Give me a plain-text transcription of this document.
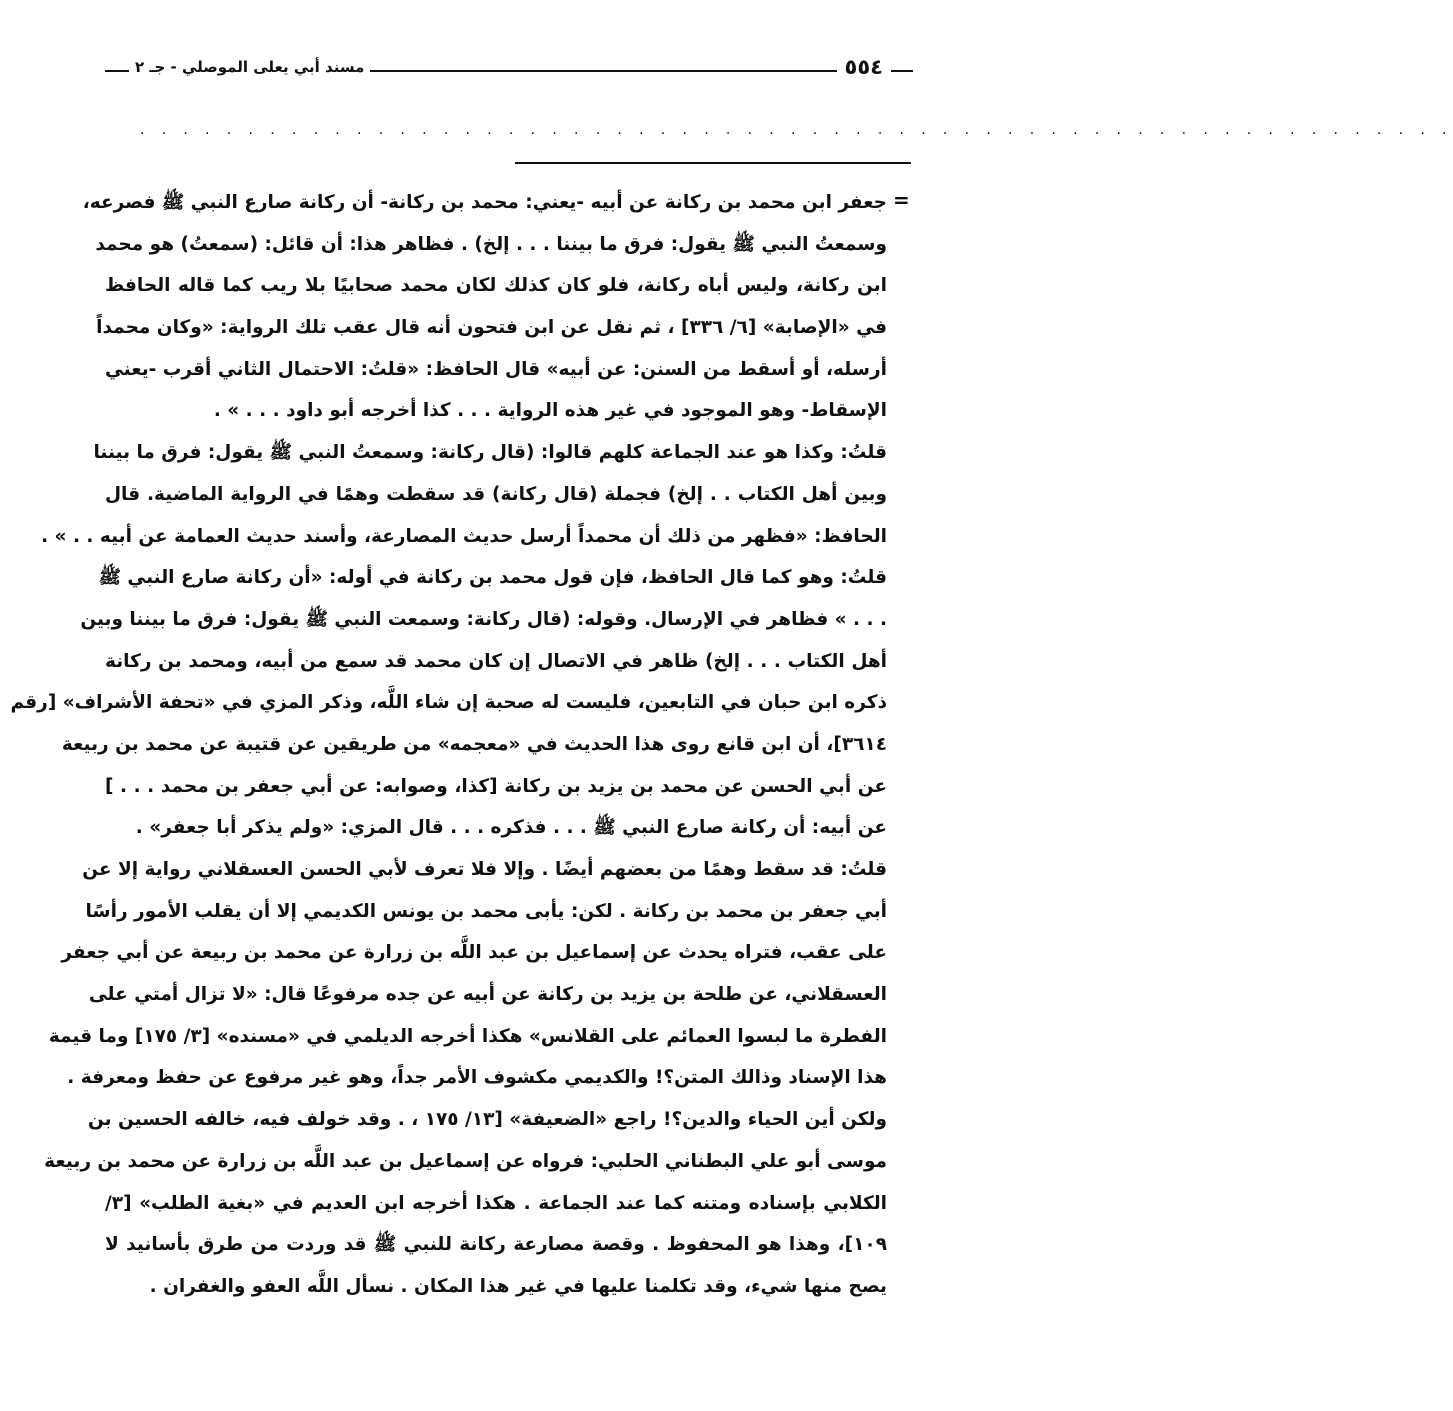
٥٥٤
مسند أبي يعلى الموصلي - جـ ٢
. . . . . . . . . . . . . . . . . . . . . . . . . . . . . . . . . . . . . . . . . . . . . . . . . . . . . . . . . . . . .
=
جعفر ابن محمد بن ركانة عن أبيه -يعني: محمد بن ركانة- أن ركانة صارع النبي ﷺ فصرعه،
وسمعتُ النبي ﷺ يقول: فرق ما بيننا . . . إلخ) . فظاهر هذا: أن قائل: (سمعتُ) هو محمد
ابن ركانة، وليس أباه ركانة، فلو كان كذلك لكان محمد صحابيًا بلا ريب كما قاله الحافظ
في «الإصابة» [٦/ ٣٣٦] ، ثم نقل عن ابن فتحون أنه قال عقب تلك الرواية: «وكان محمداً
أرسله، أو أسقط من السنن: عن أبيه» قال الحافظ: «قلتُ: الاحتمال الثاني أقرب -يعني
الإسقاط- وهو الموجود في غير هذه الرواية . . . كذا أخرجه أبو داود . . . » .
قلتُ: وكذا هو عند الجماعة كلهم قالوا: (قال ركانة: وسمعتُ النبي ﷺ يقول: فرق ما بيننا
وبين أهل الكتاب . . إلخ) فجملة (قال ركانة) قد سقطت وهمًا في الرواية الماضية. قال
الحافظ: «فظهر من ذلك أن محمداً أرسل حديث المصارعة، وأسند حديث العمامة عن أبيه . . » .
قلتُ: وهو كما قال الحافظ، فإن قول محمد بن ركانة في أوله: «أن ركانة صارع النبي ﷺ
. . . » فظاهر في الإرسال. وقوله: (قال ركانة: وسمعت النبي ﷺ يقول: فرق ما بيننا وبين
أهل الكتاب . . . إلخ) ظاهر في الاتصال إن كان محمد قد سمع من أبيه، ومحمد بن ركانة
ذكره ابن حبان في التابعين، فليست له صحبة إن شاء اللَّه، وذكر المزي في «تحفة الأشراف» [رقم
٣٦١٤]، أن ابن قانع روى هذا الحديث في «معجمه» من طريقين عن قتيبة عن محمد بن ربيعة
عن أبي الحسن عن محمد بن يزيد بن ركانة [كذا، وصوابه: عن أبي جعفر بن محمد . . . ]
عن أبيه: أن ركانة صارع النبي ﷺ . . . فذكره . . . قال المزي: «ولم يذكر أبا جعفر» .
قلتُ: قد سقط وهمًا من بعضهم أيضًا . وإلا فلا تعرف لأبي الحسن العسقلاني رواية إلا عن
أبي جعفر بن محمد بن ركانة . لكن: يأبى محمد بن يونس الكديمي إلا أن يقلب الأمور رأسًا
على عقب، فتراه يحدث عن إسماعيل بن عبد اللَّه بن زرارة عن محمد بن ربيعة عن أبي جعفر
العسقلاني، عن طلحة بن يزيد بن ركانة عن أبيه عن جده مرفوعًا قال: «لا تزال أمتي على
الفطرة ما لبسوا العمائم على القلانس» هكذا أخرجه الديلمي في «مسنده» [٣/ ١٧٥] وما قيمة
هذا الإسناد وذالك المتن؟! والكديمي مكشوف الأمر جداً، وهو غير مرفوع عن حفظ ومعرفة .
ولكن أين الحياء والدين؟! راجع «الضعيفة» [١٣/ ١٧٥ ، . وقد خولف فيه، خالفه الحسين بن
موسى أبو علي البطناني الحلبي: فرواه عن إسماعيل بن عبد اللَّه بن زرارة عن محمد بن ربيعة
الكلابي بإسناده ومتنه كما عند الجماعة . هكذا أخرجه ابن العديم في «بغية الطلب» [٣/
١٠٩]، وهذا هو المحفوظ . وقصة مصارعة ركانة للنبي ﷺ قد وردت من طرق بأسانيد لا
يصح منها شيء، وقد تكلمنا عليها في غير هذا المكان . نسأل اللَّه العفو والغفران .
